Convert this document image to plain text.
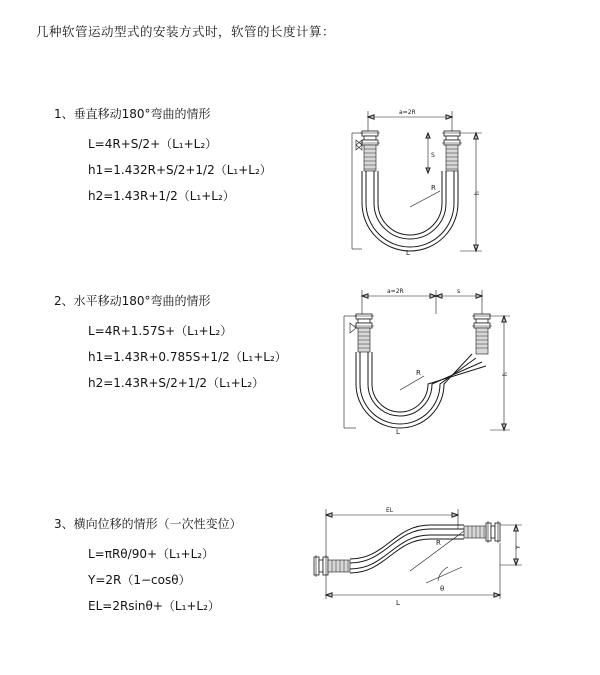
几种软管运动型式的安装方式时，软管的长度计算：
1、垂直移动180°弯曲的情形
L=4R+S/2+（L₁+L₂）
h1=1.432R+S/2+1/2（L₁+L₂）
h2=1.43R+1/2（L₁+L₂）
a=2R
R
L
h
S
2、水平移动180°弯曲的情形
L=4R+1.57S+（L₁+L₂）
h1=1.43R+0.785S+1/2（L₁+L₂）
h2=1.43R+S/2+1/2（L₁+L₂）
a=2R	s
R
L
h
3、横向位移的情形（一次性变位）
L=πRθ/90+（L₁+L₂）
Y=2R（1−cosθ）
EL=2Rsinθ+（L₁+L₂）
EL
L
Y
R
θ
